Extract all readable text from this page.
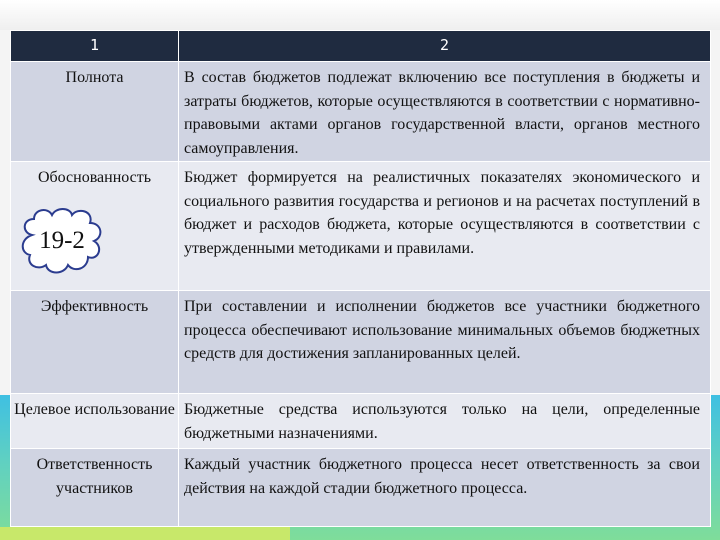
1	2
Полнота	В состав бюджетов подлежат включению все поступления в бюджеты и затраты бюджетов, которые осуществляются в соответствии с нормативно-правовыми актами органов государственной власти, органов местного самоуправления.
Обоснованность	Бюджет формируется на реалистичных показателях экономического и социального развития государства и регионов и на расчетах поступлений в бюджет и расходов бюджета, которые осуществляются в соответствии с утвержденными методиками и правилами.
Эффективность	При составлении и исполнении бюджетов все участники бюджетного процесса обеспечивают использование минимальных объемов бюджетных средств для достижения запланированных целей.
Целевое использование	Бюджетные средства используются только на цели, определенные бюджетными назначениями.
Ответственность участников	Каждый участник бюджетного процесса несет ответственность за свои действия на каждой стадии бюджетного процесса.
19-2
